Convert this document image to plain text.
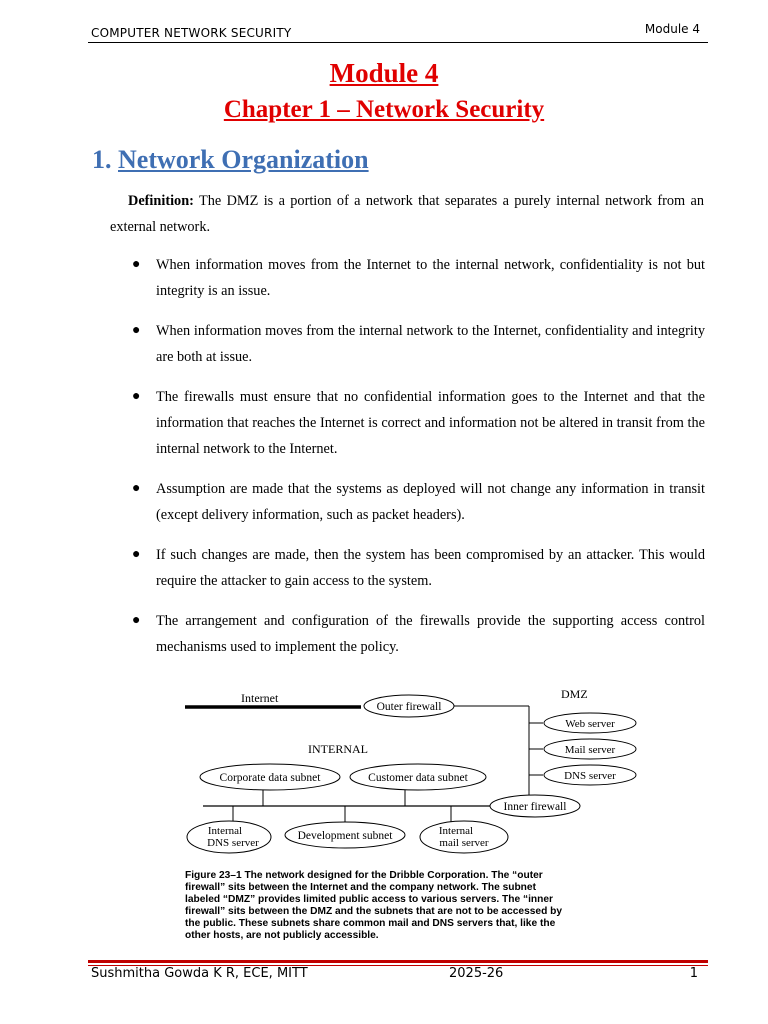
COMPUTER NETWORK SECURITY	Module 4
Module 4
Chapter 1 – Network Security
1. Network Organization

Definition: The DMZ is a portion of a network that separates a purely internal network from an external network.

● When information moves from the Internet to the internal network, confidentiality is not but integrity is an issue.
● When information moves from the internal network to the Internet, confidentiality and integrity are both at issue.
● The firewalls must ensure that no confidential information goes to the Internet and that the information that reaches the Internet is correct and information not be altered in transit from the internal network to the Internet.
● Assumption are made that the systems as deployed will not change any information in transit (except delivery information, such as packet headers).
● If such changes are made, then the system has been compromised by an attacker. This would require the attacker to gain access to the system.
● The arrangement and configuration of the firewalls provide the supporting access control mechanisms used to implement the policy.
Internet
Outer firewall
DMZ
Web server
Mail server
DNS server
INTERNAL
Corporate data subnet	Customer data subnet
Inner firewall
Internal
DNS server
Development subnet	Internal
mail server
Figure 23–1 The network designed for the Dribble Corporation. The “outer
firewall” sits between the Internet and the company network. The subnet
labeled “DMZ” provides limited public access to various servers. The “inner
firewall” sits between the DMZ and the subnets that are not to be accessed by
the public. These subnets share common mail and DNS servers that, like the
other hosts, are not publicly accessible.
Sushmitha Gowda K R, ECE, MITT	2025-26	1
